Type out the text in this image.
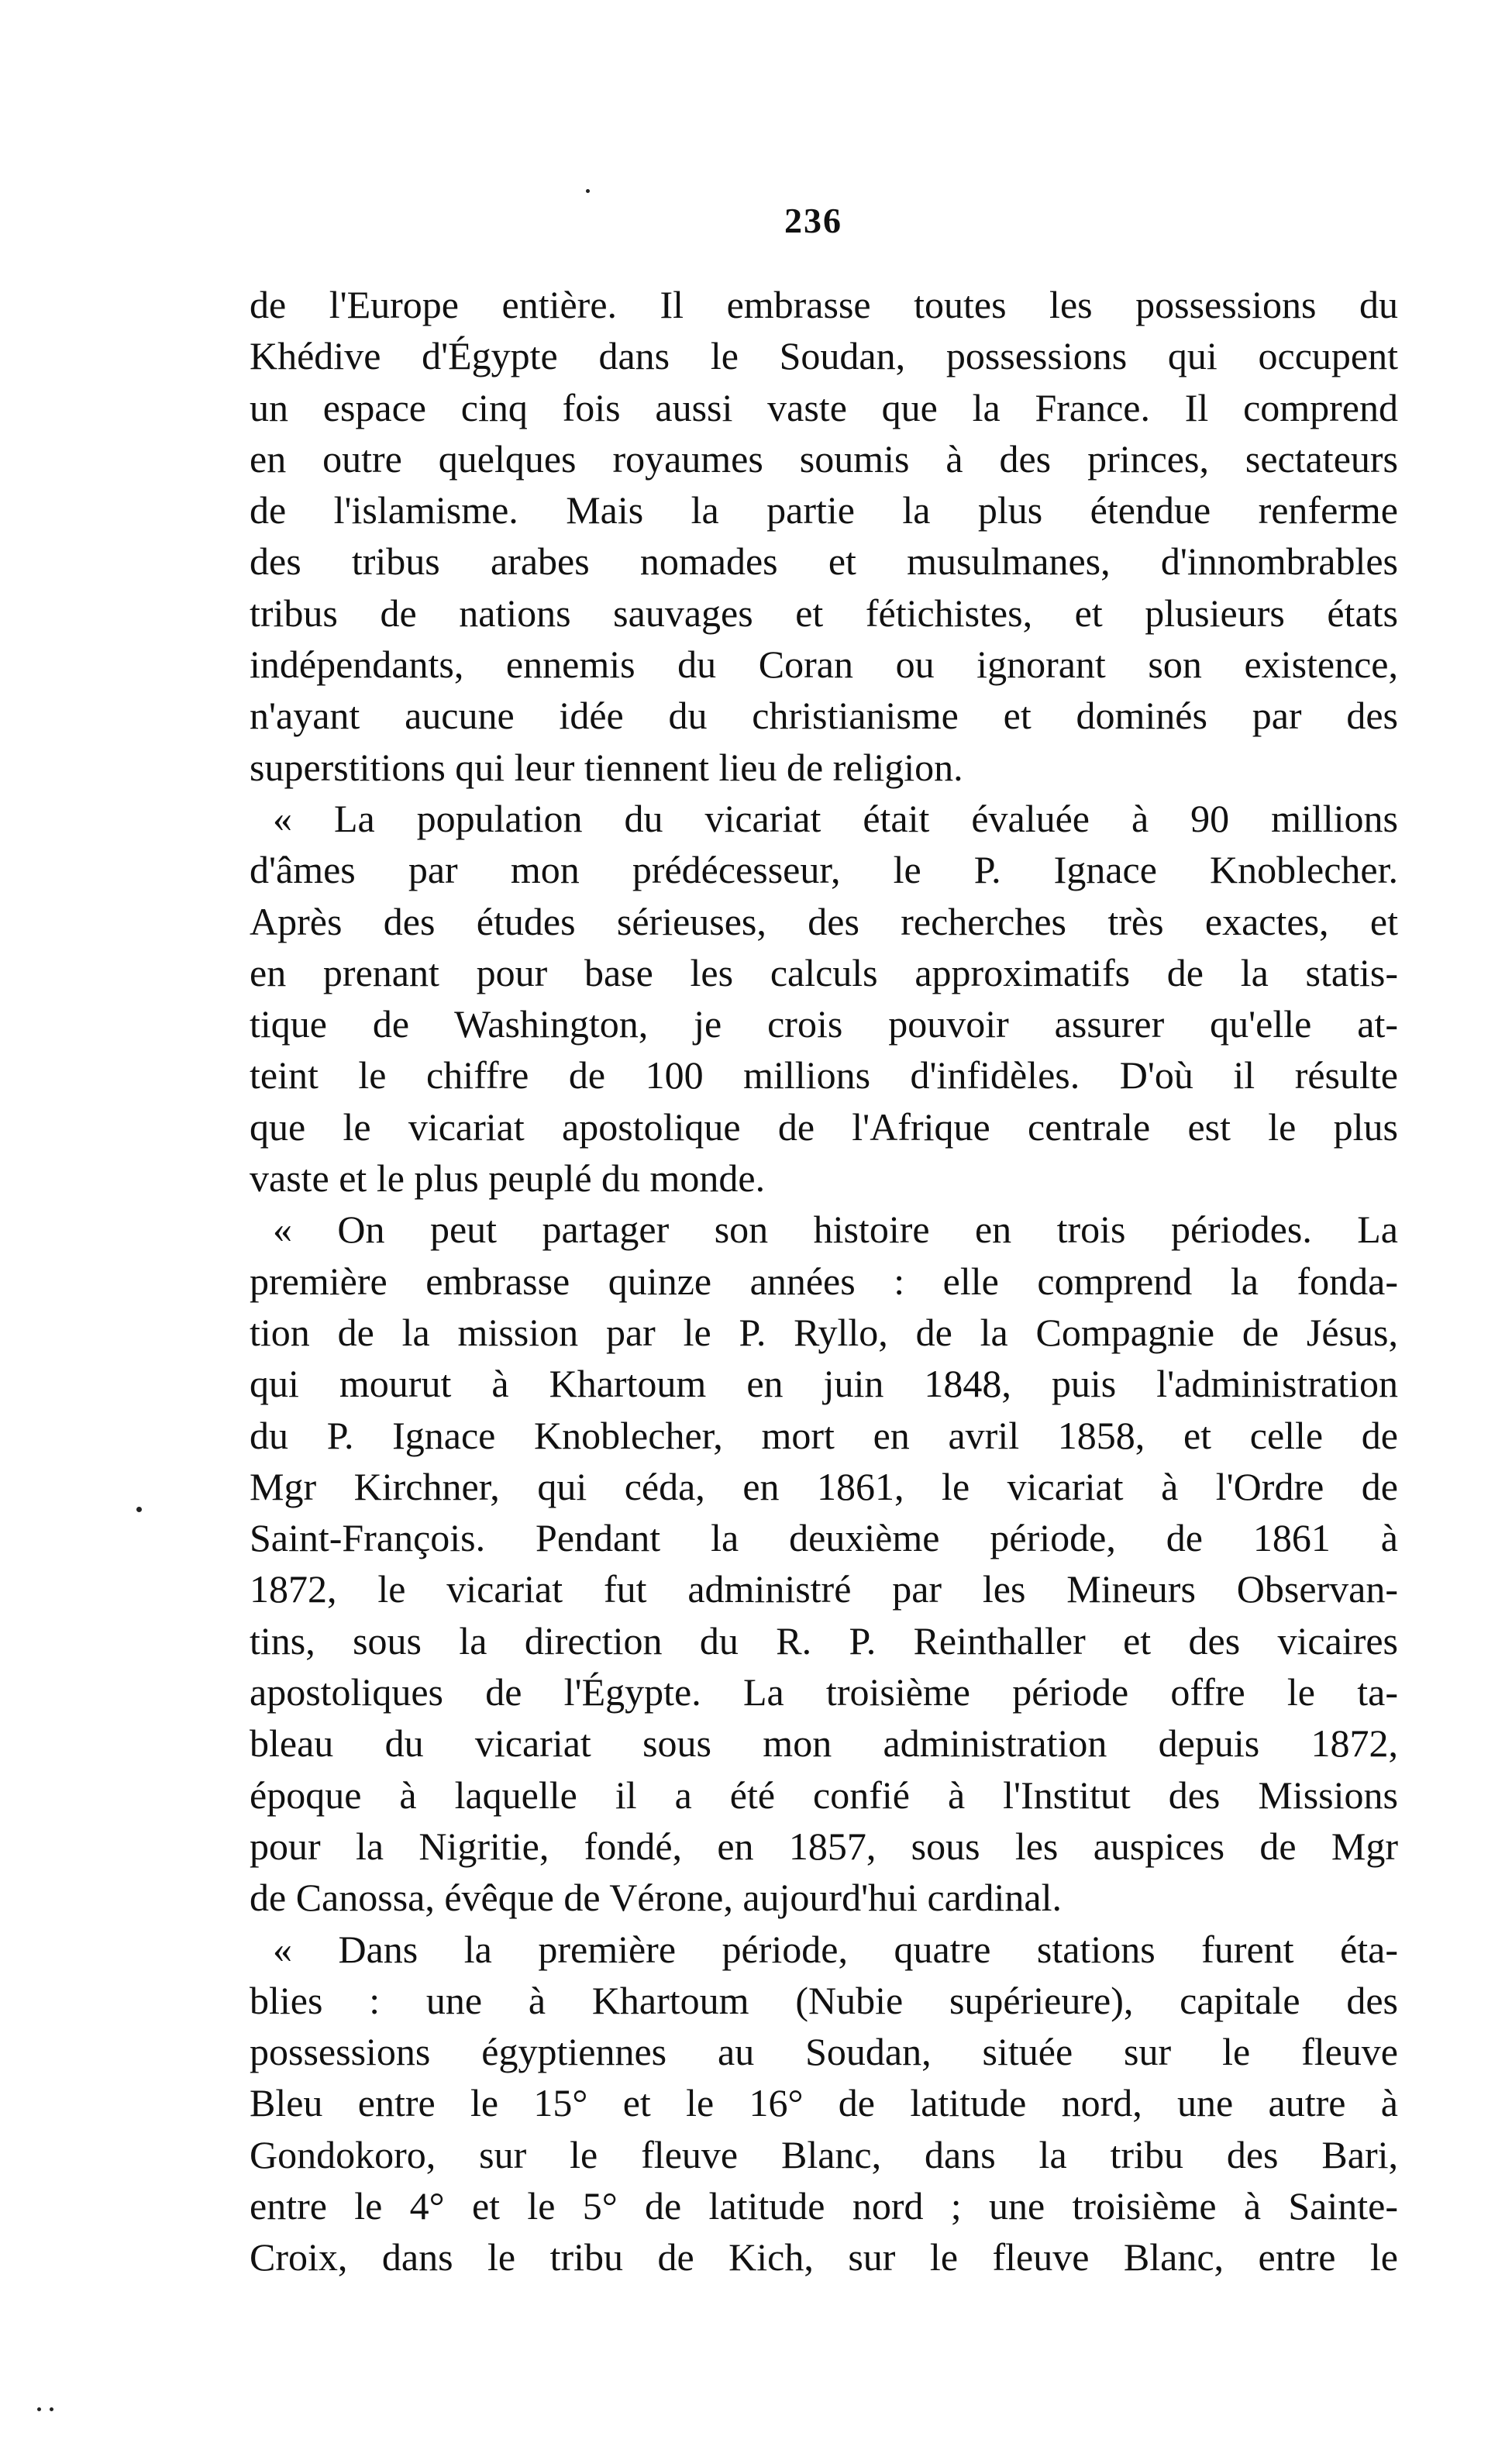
236
de l'Europe entière. Il embrasse toutes les possessions du
Khédive d'Égypte dans le Soudan, possessions qui occupent
un espace cinq fois aussi vaste que la France. Il comprend
en outre quelques royaumes soumis à des princes, sectateurs
de l'islamisme. Mais la partie la plus étendue renferme
des tribus arabes nomades et musulmanes, d'innombrables
tribus de nations sauvages et fétichistes, et plusieurs états
indépendants, ennemis du Coran ou ignorant son existence,
n'ayant aucune idée du christianisme et dominés par des
superstitions qui leur tiennent lieu de religion.
« La population du vicariat était évaluée à 90 millions
d'âmes par mon prédécesseur, le P. Ignace Knoblecher.
Après des études sérieuses, des recherches très exactes, et
en prenant pour base les calculs approximatifs de la statis-
tique de Washington, je crois pouvoir assurer qu'elle at-
teint le chiffre de 100 millions d'infidèles. D'où il résulte
que le vicariat apostolique de l'Afrique centrale est le plus
vaste et le plus peuplé du monde.
« On peut partager son histoire en trois périodes. La
première embrasse quinze années : elle comprend la fonda-
tion de la mission par le P. Ryllo, de la Compagnie de Jésus,
qui mourut à Khartoum en juin 1848, puis l'administration
du P. Ignace Knoblecher, mort en avril 1858, et celle de
Mgr Kirchner, qui céda, en 1861, le vicariat à l'Ordre de
Saint-François. Pendant la deuxième période, de 1861 à
1872, le vicariat fut administré par les Mineurs Observan-
tins, sous la direction du R. P. Reinthaller et des vicaires
apostoliques de l'Égypte. La troisième période offre le ta-
bleau du vicariat sous mon administration depuis 1872,
époque à laquelle il a été confié à l'Institut des Missions
pour la Nigritie, fondé, en 1857, sous les auspices de Mgr
de Canossa, évêque de Vérone, aujourd'hui cardinal.
« Dans la première période, quatre stations furent éta-
blies : une à Khartoum (Nubie supérieure), capitale des
possessions égyptiennes au Soudan, située sur le fleuve
Bleu entre le 15° et le 16° de latitude nord, une autre à
Gondokoro, sur le fleuve Blanc, dans la tribu des Bari,
entre le 4° et le 5° de latitude nord ; une troisième à Sainte-
Croix, dans le tribu de Kich, sur le fleuve Blanc, entre le
